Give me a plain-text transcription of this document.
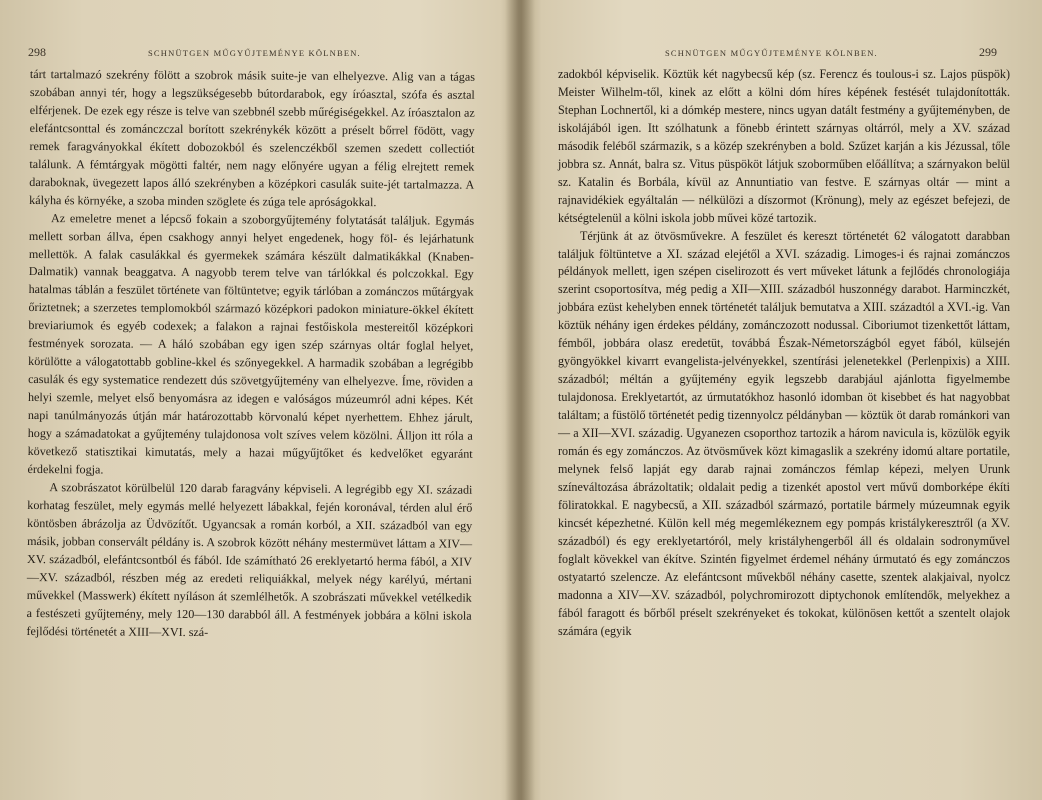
298	SCHNÜTGEN MŰGYŰJTEMÉNYE KÖLNBEN.

tárt tartalmazó szekrény fölött a szobrok másik suite-je van elhelyezve. Alig van a tágas szobában annyi tér, hogy a legszükségesebb bútordarabok, egy íróasztal, szófa és asztal elférjenek. De ezek egy része is telve van szebbnél szebb műrégiségekkel. Az íróasztalon az elefántcsonttal és zománczczal borított szekrénykék között a préselt bőrrel födött, vagy remek faragványokkal ékített dobozokból és szelenczékből szemen szedett collectiót találunk. A fémtárgyak mögötti faltér, nem nagy előnyére ugyan a félig elrejtett remek daraboknak, üvegezett lapos álló szekrényben a középkori casulák suite-jét tartalmazza. A kályha és környéke, a szoba minden szöglete és zúga tele apróságokkal.

Az emeletre menet a lépcső fokain a szoborgyűjtemény folytatását találjuk. Egymás mellett sorban állva, épen csakhogy annyi helyet engedenek, hogy föl- és lejárhatunk mellettök. A falak casulákkal és gyermekek számára készült dalmatikákkal (Knaben-Dalmatik) vannak beaggatva. A nagyobb terem telve van tárlókkal és polczokkal. Egy hatalmas táblán a feszület története van föltüntetve; egyik tárlóban a zománczos műtárgyak őriztetnek; a szerzetes templomokból származó középkori padokon miniature-ökkel ékített breviariumok és egyéb codexek; a falakon a rajnai festőiskola mestereitől középkori festmények sorozata. — A háló szobában egy igen szép szárnyas oltár foglal helyet, körülötte a válogatottabb gobline-kkel és szőnyegekkel. A harmadik szobában a legrégibb casulák és egy systematice rendezett dús szövetgyűjtemény van elhelyezve. Íme, röviden a helyi szemle, melyet első benyomásra az idegen e valóságos múzeumról adni képes. Két napi tanúlmányozás útján már határozottabb körvonalú képet nyerhettem. Ehhez járult, hogy a számadatokat a gyűjtemény tulajdonosa volt szíves velem közölni. Álljon itt róla a következő statisztikai kimutatás, mely a hazai műgyűjtőket és kedvelőket egyaránt érdekelni fogja.

A szobrászatot körülbelül 120 darab faragvány képviseli. A legrégibb egy XI. századi korhatag feszület, mely egymás mellé helyezett lábakkal, fején koronával, térden alul érő köntösben ábrázolja az Üdvözítőt. Ugyancsak a román korból, a XII. századból van egy másik, jobban conservált példány is. A szobrok között néhány mestermüvet láttam a XIV—XV. századból, elefántcsontból és fából. Ide számítható 26 ereklyetartó herma fából, a XIV—XV. századból, részben még az eredeti reliquiákkal, melyek négy karélyú, mértani művekkel (Masswerk) ékített nyíláson át szemlélhetők. A szobrászati művekkel vetélkedik a festészeti gyűjtemény, mely 120—130 darabból áll. A festmények jobbára a kölni iskola fejlődési történetét a XIII—XVI. szá-

SCHNÜTGEN MŰGYŰJTEMÉNYE KÖLNBEN.	299

zadokból képviselik. Köztük két nagybecsű kép (sz. Ferencz és toulous-i sz. Lajos püspök) Meister Wilhelm-től, kinek az előtt a kölni dóm híres képének festését tulajdonították. Stephan Lochnertől, ki a dómkép mestere, nincs ugyan datált festmény a gyűjteményben, de iskolájából igen. Itt szólhatunk a fönebb érintett szárnyas oltárról, mely a XV. század második feléből származik, s a közép szekrényben a bold. Szűzet karján a kis Jézussal, tőle jobbra sz. Annát, balra sz. Vitus püspököt látjuk szoborműben előállítva; a szárnyakon belül sz. Katalin és Borbála, kívül az Annuntiatio van festve. E szárnyas oltár — mint a rajnavidékiek egyáltalán — nélkülözi a díszormot (Krönung), mely az egészet befejezi, de kétségtelenül a kölni iskola jobb művei közé tartozik.

Térjünk át az ötvösművekre. A feszület és kereszt történetét 62 válogatott darabban találjuk föltüntetve a XI. század elejétől a XVI. századig. Limoges-i és rajnai zománczos példányok mellett, igen szépen ciselirozott és vert műveket látunk a fejlődés chronologiája szerint csoportosítva, még pedig a XII—XIII. századból huszonnégy darabot. Harminczkét, jobbára ezüst kehelyben ennek történetét találjuk bemutatva a XIII. századtól a XVI.-ig. Van köztük néhány igen érdekes példány, zománczozott nodussal. Ciboriumot tizenkettőt láttam, fémből, jobbára olasz eredetüt, továbbá Észak-Németországból egyet fából, külsején gyöngyökkel kivarrt evangelista-jelvényekkel, szentírási jelenetekkel (Perlenpixis) a XIII. századból; méltán a gyűjtemény egyik legszebb darabjául ajánlotta figyelmembe tulajdonosa. Ereklyetartót, az úrmutatókhoz hasonló idomban öt kisebbet és hat nagyobbat találtam; a füstölő történetét pedig tizennyolcz példányban — köztük öt darab románkori van — a XII—XVI. századig. Ugyanezen csoporthoz tartozik a három navicula is, közülök egyik román és egy zománczos. Az ötvösművek közt kimagaslik a szekrény idomú altare portatile, melynek felső lapját egy darab rajnai zománczos fémlap képezi, melyen Urunk színeváltozása ábrázoltatik; oldalait pedig a tizenkét apostol vert művű domborképe ékíti föliratokkal. E nagybecsű, a XII. századból származó, portatile bármely múzeumnak egyik kincsét képezhetné. Külön kell még megemlékeznem egy pompás kristálykeresztről (a XV. századból) és egy ereklyetartóról, mely kristályhengerből áll és oldalain sodronyművel foglalt kövekkel van ékítve. Szintén figyelmet érdemel néhány úrmutató és egy zománczos ostyatartó szelencze. Az elefántcsont művekből néhány casette, szentek alakjaival, nyolcz madonna a XIV—XV. századból, polychromirozott diptychonok említendők, melyekhez a fából faragott és bőrből préselt szekrényeket és tokokat, különösen kettőt a szentelt olajok számára (egyik
